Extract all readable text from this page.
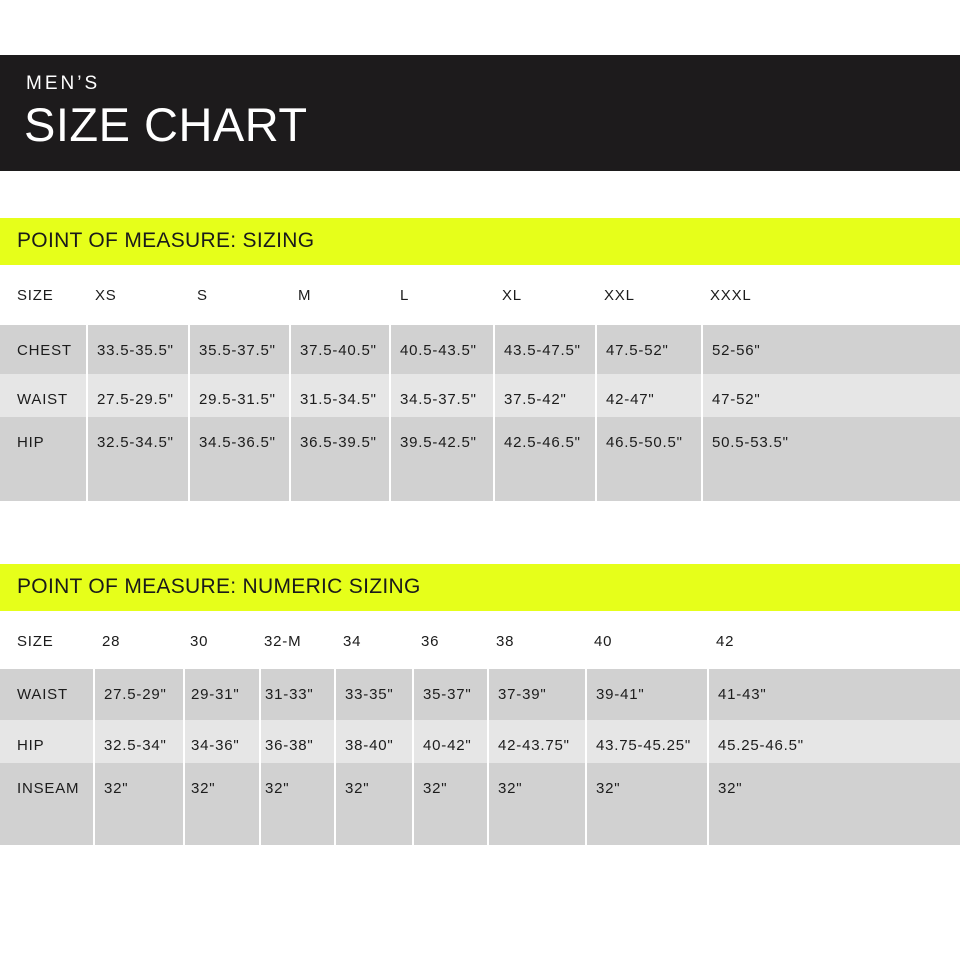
MEN’S
SIZE CHART
POINT OF MEASURE: SIZING
SIZE	XS	S	M	L	XL	XXL	XXXL
CHEST	33.5-35.5"	35.5-37.5"	37.5-40.5"	40.5-43.5"	43.5-47.5"	47.5-52"	52-56"
WAIST	27.5-29.5"	29.5-31.5"	31.5-34.5"	34.5-37.5"	37.5-42"	42-47"	47-52"
HIP	32.5-34.5"	34.5-36.5"	36.5-39.5"	39.5-42.5"	42.5-46.5"	46.5-50.5"	50.5-53.5"
POINT OF MEASURE: NUMERIC SIZING
SIZE	28	30	32-M	34	36	38	40	42
WAIST	27.5-29"	29-31"	31-33"	33-35"	35-37"	37-39"	39-41"	41-43"
HIP	32.5-34"	34-36"	36-38"	38-40"	40-42"	42-43.75"	43.75-45.25"	45.25-46.5"
INSEAM	32"	32"	32"	32"	32"	32"	32"	32"
